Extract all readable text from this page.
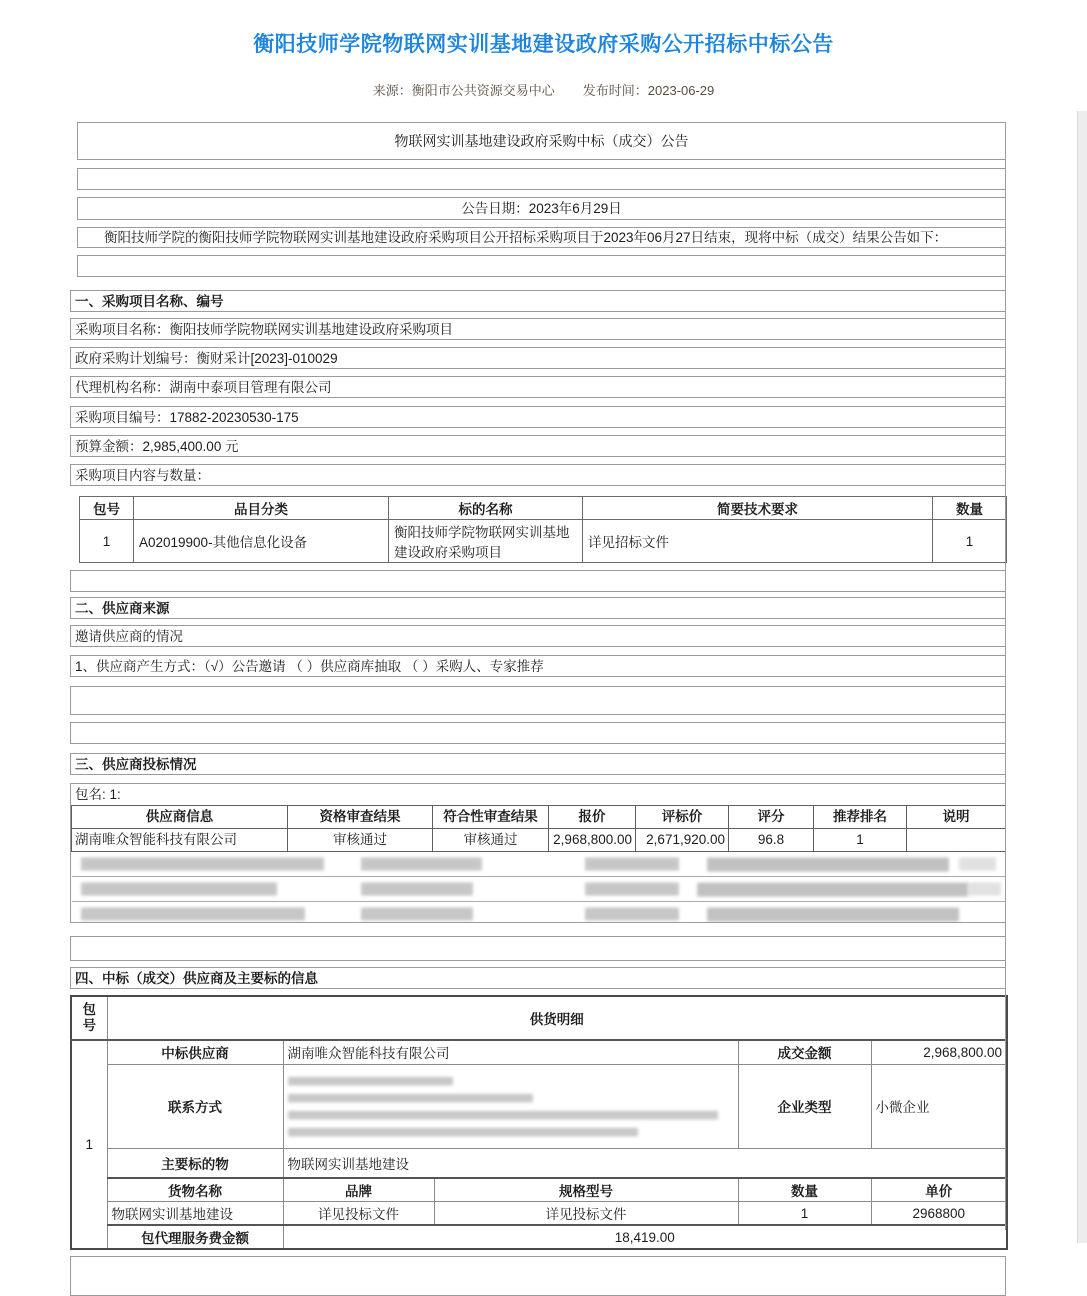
衡阳技师学院物联网实训基地建设政府采购公开招标中标公告
来源：衡阳市公共资源交易中心 发布时间：2023-06-29
物联网实训基地建设政府采购中标（成交）公告
公告日期：2023年6月29日
衡阳技师学院的衡阳技师学院物联网实训基地建设政府采购项目公开招标采购项目于2023年06月27日结束，现将中标（成交）结果公告如下：
一、采购项目名称、编号
采购项目名称：衡阳技师学院物联网实训基地建设政府采购项目
政府采购计划编号：衡财采计[2023]-010029
代理机构名称：湖南中泰项目管理有限公司
采购项目编号：17882-20230530-175
预算金额：2,985,400.00 元
采购项目内容与数量：
包号	品目分类	标的名称	简要技术要求	数量
1	A02019900-其他信息化设备	衡阳技师学院物联网实训基地建设政府采购项目	详见招标文件	1
二、供应商来源
邀请供应商的情况
1、供应商产生方式：（√）公告邀请 （ ）供应商库抽取 （ ）采购人、专家推荐
三、供应商投标情况
包名: 1:
供应商信息	资格审查结果	符合性审查结果	报价	评标价	评分	推荐排名	说明
湖南唯众智能科技有限公司	审核通过	审核通过	2,968,800.00	2,671,920.00	96.8	1	

四、中标（成交）供应商及主要标的信息
包号	供货明细				
1	中标供应商	湖南唯众智能科技有限公司		成交金额	2,968,800.00
	联系方式			企业类型	小微企业
	主要标的物	物联网实训基地建设			
	货物名称	品牌	规格型号	数量	单价
	物联网实训基地建设	详见投标文件	详见投标文件	1	2968800
	包代理服务费金额	18,419.00			
